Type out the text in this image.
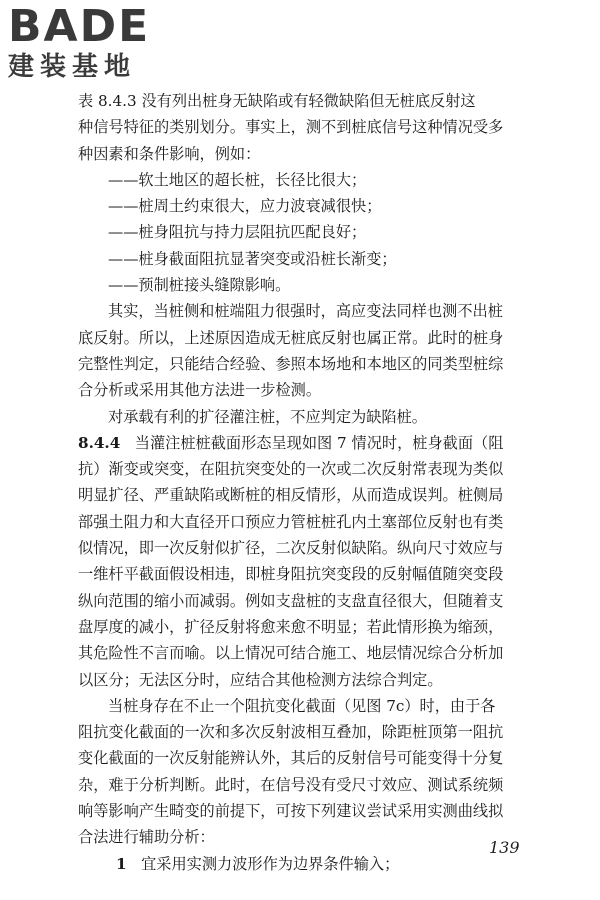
BADE
建装基地
表 8.4.3 没有列出桩身无缺陷或有轻微缺陷但无桩底反射这
种信号特征的类别划分。事实上，测不到桩底信号这种情况受多
种因素和条件影响，例如：
——软土地区的超长桩，长径比很大；
——桩周土约束很大，应力波衰减很快；
——桩身阻抗与持力层阻抗匹配良好；
——桩身截面阻抗显著突变或沿桩长渐变；
——预制桩接头缝隙影响。
其实，当桩侧和桩端阻力很强时，高应变法同样也测不出桩
底反射。所以，上述原因造成无桩底反射也属正常。此时的桩身
完整性判定，只能结合经验、参照本场地和本地区的同类型桩综
合分析或采用其他方法进一步检测。
对承载有利的扩径灌注桩，不应判定为缺陷桩。
8.4.4 当灌注桩桩截面形态呈现如图 7 情况时，桩身截面（阻
抗）渐变或突变，在阻抗突变处的一次或二次反射常表现为类似
明显扩径、严重缺陷或断桩的相反情形，从而造成误判。桩侧局
部强土阻力和大直径开口预应力管桩桩孔内土塞部位反射也有类
似情况，即一次反射似扩径，二次反射似缺陷。纵向尺寸效应与
一维杆平截面假设相违，即桩身阻抗突变段的反射幅值随突变段
纵向范围的缩小而减弱。例如支盘桩的支盘直径很大，但随着支
盘厚度的减小，扩径反射将愈来愈不明显；若此情形换为缩颈，
其危险性不言而喻。以上情况可结合施工、地层情况综合分析加
以区分；无法区分时，应结合其他检测方法综合判定。
当桩身存在不止一个阻抗变化截面（见图 7c）时，由于各
阻抗变化截面的一次和多次反射波相互叠加，除距桩顶第一阻抗
变化截面的一次反射能辨认外，其后的反射信号可能变得十分复
杂，难于分析判断。此时，在信号没有受尺寸效应、测试系统频
响等影响产生畸变的前提下，可按下列建议尝试采用实测曲线拟
合法进行辅助分析：
1 宜采用实测力波形作为边界条件输入；
139
